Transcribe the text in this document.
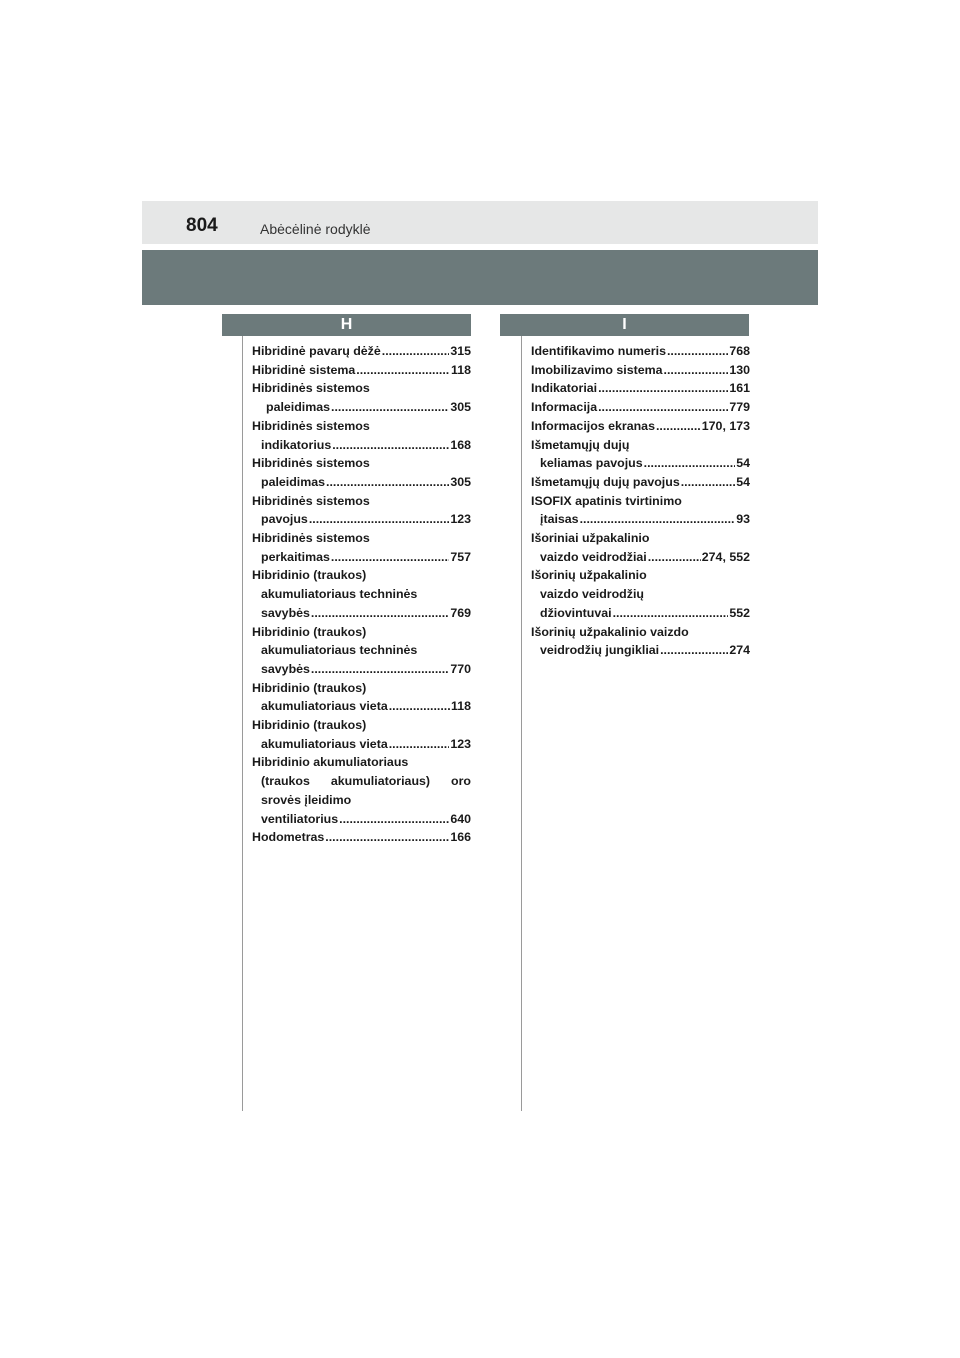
804	Abėcėlinė rodyklė
H	I
Hibridinė pavarų dėžė .....	315
Hibridinė sistema .....	118
Hibridinės sistemos
paleidimas .....	305
Hibridinės sistemos
indikatorius .....	168
Hibridinės sistemos
paleidimas .....	305
Hibridinės sistemos
pavojus .....	123
Hibridinės sistemos
perkaitimas .....	757
Hibridinio (traukos)
akumuliatoriaus techninės
savybės .....	769
Hibridinio (traukos)
akumuliatoriaus techninės
savybės .....	770
Hibridinio (traukos)
akumuliatoriaus vieta .....	118
Hibridinio (traukos)
akumuliatoriaus vieta .....	123
Hibridinio akumuliatoriaus
(traukos akumuliatoriaus) oro
srovės įleidimo
ventiliatorius .....	640
Hodometras .....	166
Identifikavimo numeris .....	768
Imobilizavimo sistema .....	130
Indikatoriai .....	161
Informacija .....	779
Informacijos ekranas .....	170, 173
Išmetamųjų dujų
keliamas pavojus .....	54
Išmetamųjų dujų pavojus .....	54
ISOFIX apatinis tvirtinimo
įtaisas .....	93
Išoriniai užpakalinio
vaizdo veidrodžiai .....	274, 552
Išorinių užpakalinio
vaizdo veidrodžių
džiovintuvai .....	552
Išorinių užpakalinio vaizdo
veidrodžių jungikliai .....	274
